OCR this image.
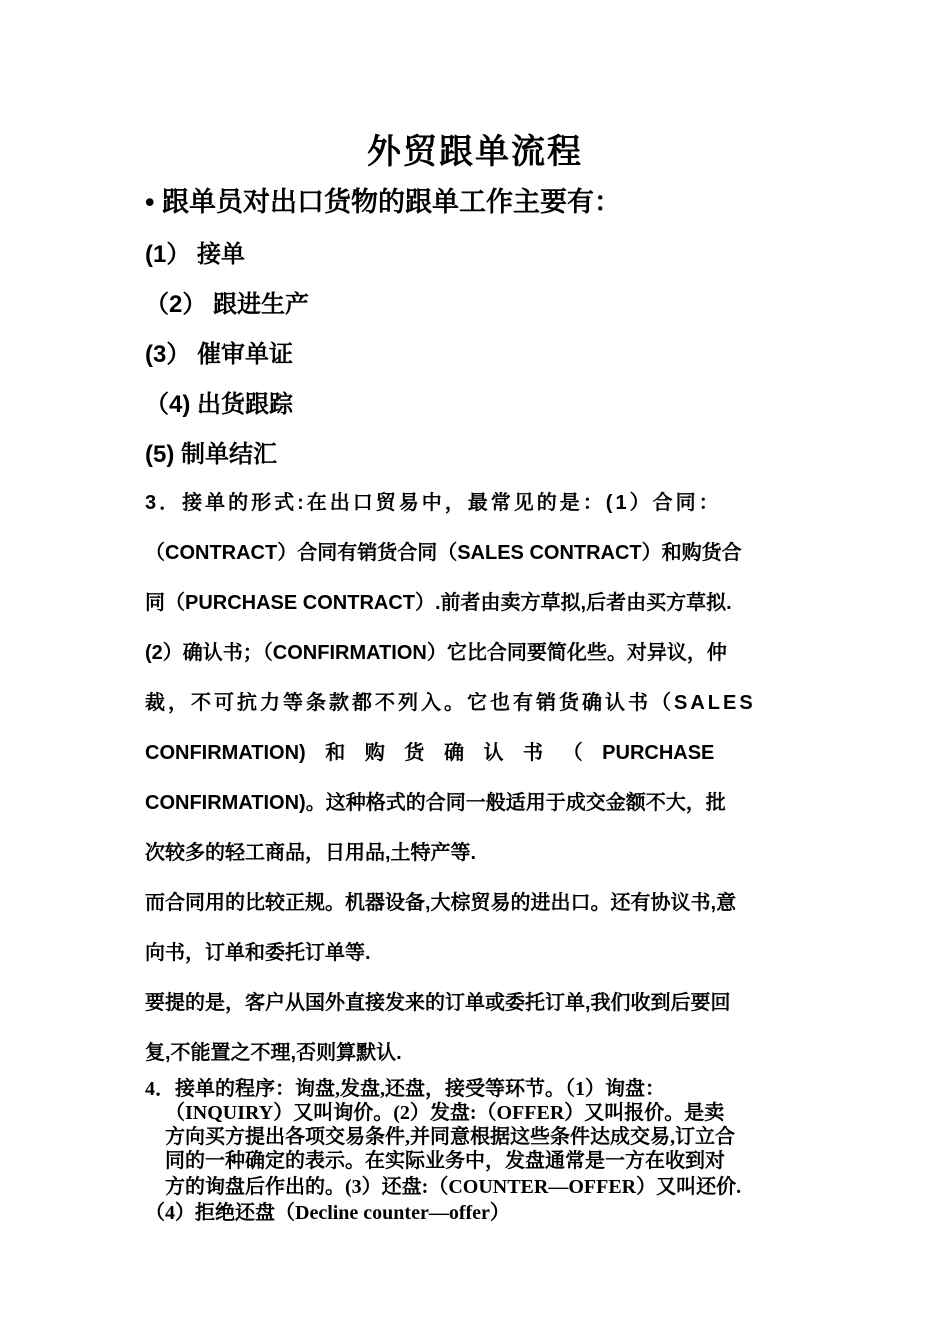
外贸跟单流程
• 跟单员对出口货物的跟单工作主要有：
(1） 接单
（2） 跟进生产
(3） 催审单证
（4) 出货跟踪
(5) 制单结汇
3．接单的形式:在出口贸易中，最常见的是：(1）合同：
（CONTRACT）合同有销货合同（SALES CONTRACT）和购货合
同（PURCHASE CONTRACT）.前者由卖方草拟,后者由买方草拟.
(2）确认书；（CONFIRMATION）它比合同要简化些。对异议，仲
裁，不可抗力等条款都不列入。它也有销货确认书（SALES
CONFIRMATION) 和 购 货 确 认 书 （ PURCHASE
CONFIRMATION)。这种格式的合同一般适用于成交金额不大，批
次较多的轻工商品，日用品,土特产等.
而合同用的比较正规。机器设备,大棕贸易的进出口。还有协议书,意
向书，订单和委托订单等.
要提的是，客户从国外直接发来的订单或委托订单,我们收到后要回
复,不能置之不理,否则算默认.
4．接单的程序：询盘,发盘,还盘，接受等环节。（1）询盘：
（INQUIRY）又叫询价。(2）发盘:（OFFER）又叫报价。是卖
方向买方提出各项交易条件,并同意根据这些条件达成交易,订立合
同的一种确定的表示。在实际业务中，发盘通常是一方在收到对
方的询盘后作出的。(3）还盘:（COUNTER—OFFER）又叫还价.
（4）拒绝还盘（Decline counter—offer）
